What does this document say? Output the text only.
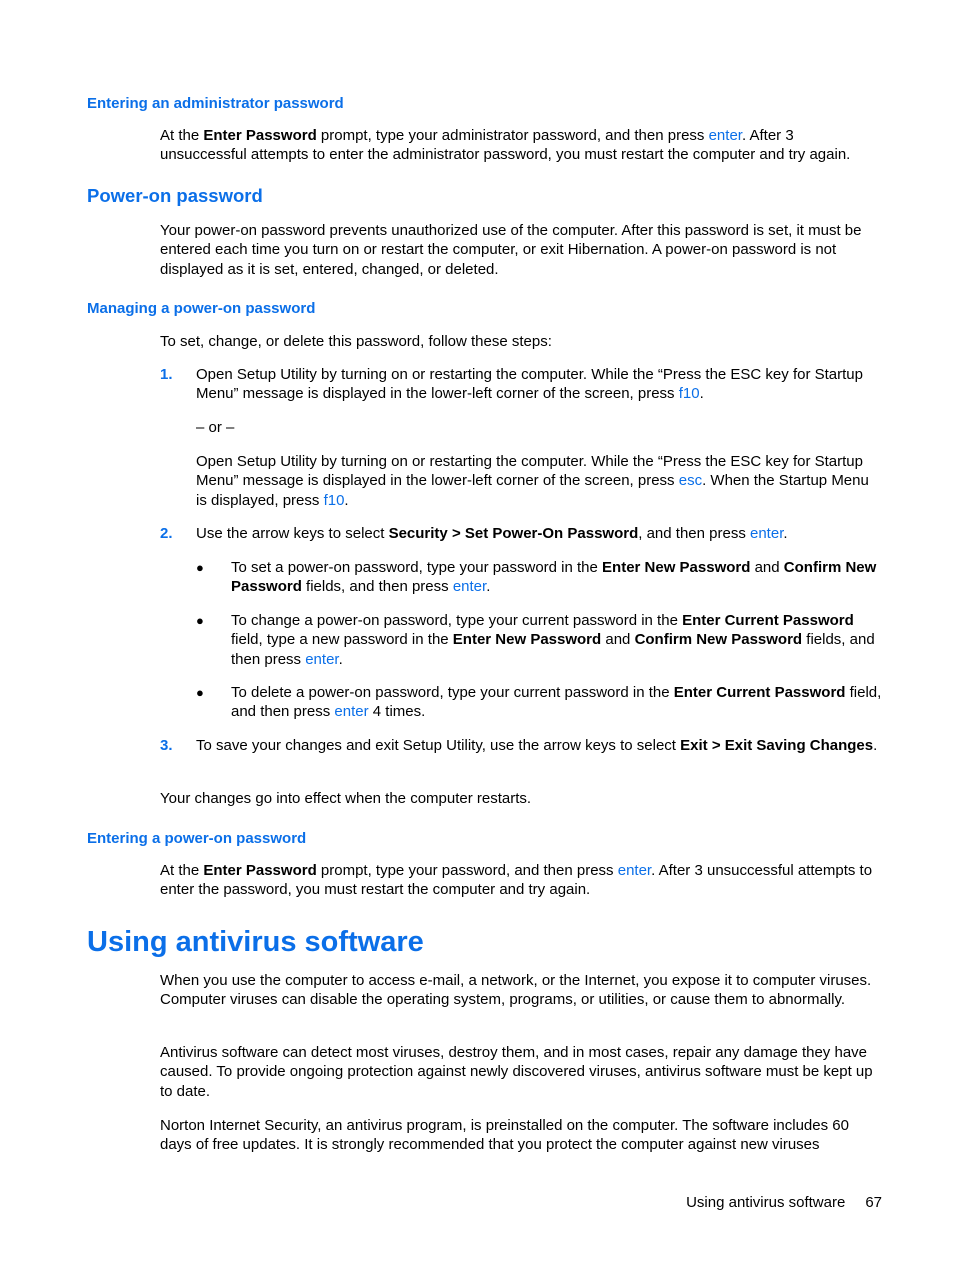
Entering an administrator password
At the Enter Password prompt, type your administrator password, and then press enter. After 3 unsuccessful attempts to enter the administrator password, you must restart the computer and try again.
Power-on password
Your power-on password prevents unauthorized use of the computer. After this password is set, it must be entered each time you turn on or restart the computer, or exit Hibernation. A power-on password is not displayed as it is set, entered, changed, or deleted.
Managing a power-on password
To set, change, or delete this password, follow these steps:
1. Open Setup Utility by turning on or restarting the computer. While the “Press the ESC key for Startup Menu” message is displayed in the lower-left corner of the screen, press f10.
– or –
Open Setup Utility by turning on or restarting the computer. While the “Press the ESC key for Startup Menu” message is displayed in the lower-left corner of the screen, press esc. When the Startup Menu is displayed, press f10.
2. Use the arrow keys to select Security > Set Power-On Password, and then press enter.
● To set a power-on password, type your password in the Enter New Password and Confirm New Password fields, and then press enter.
● To change a power-on password, type your current password in the Enter Current Password field, type a new password in the Enter New Password and Confirm New Password fields, and then press enter.
● To delete a power-on password, type your current password in the Enter Current Password field, and then press enter 4 times.
3. To save your changes and exit Setup Utility, use the arrow keys to select Exit > Exit Saving Changes.
Your changes go into effect when the computer restarts.
Entering a power-on password
At the Enter Password prompt, type your password, and then press enter. After 3 unsuccessful attempts to enter the password, you must restart the computer and try again.
Using antivirus software
When you use the computer to access e-mail, a network, or the Internet, you expose it to computer viruses. Computer viruses can disable the operating system, programs, or utilities, or cause them to abnormally.
Antivirus software can detect most viruses, destroy them, and in most cases, repair any damage they have caused. To provide ongoing protection against newly discovered viruses, antivirus software must be kept up to date.
Norton Internet Security, an antivirus program, is preinstalled on the computer. The software includes 60 days of free updates. It is strongly recommended that you protect the computer against new viruses
Using antivirus software 67
